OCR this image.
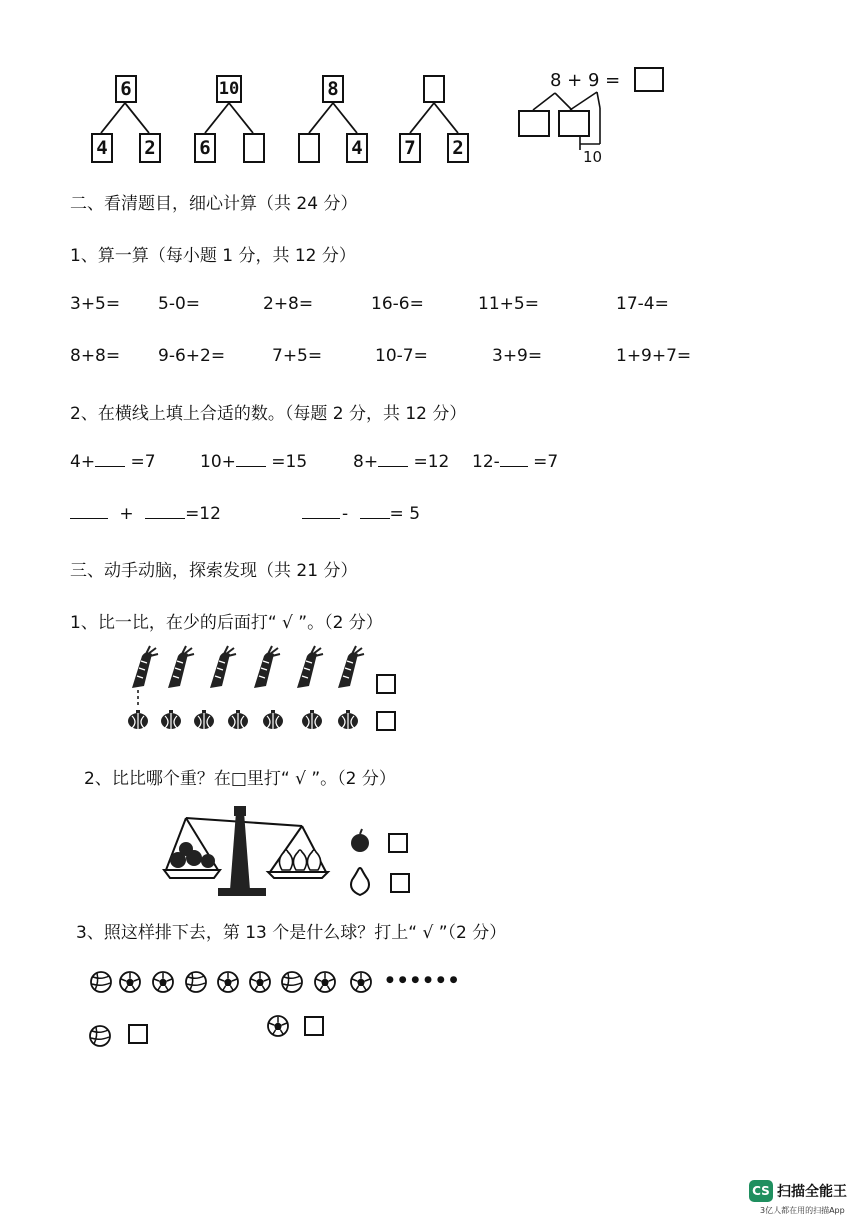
6
4 2
10
6
8
4 7 2
8 + 9 =
10
二、看清题目，细心计算（共 24 分）
1、算一算（每小题 1 分，共 12 分）
3+5= 5-0=	2+8=	16-6=	11+5=	17-4=
8+8= 9-6+2=	7+5=	10-7=	3+9=	1+9+7=
2、在横线上填上合适的数。（每题 2 分，共 12 分）
4+ =7	10+ =15	8+ =12 12- =7
+	=12	- = 5
三、动手动脑，探索发现（共 21 分）
1、比一比，在少的后面打“ √ ”。（2 分）
2、比比哪个重？在□里打“ √ ”。（2 分）
3、照这样排下去，第 13 个是什么球？打上“ √ ”（2 分）
● ● ● ● ● ●
CS 扫描全能王
3亿人都在用的扫描App
